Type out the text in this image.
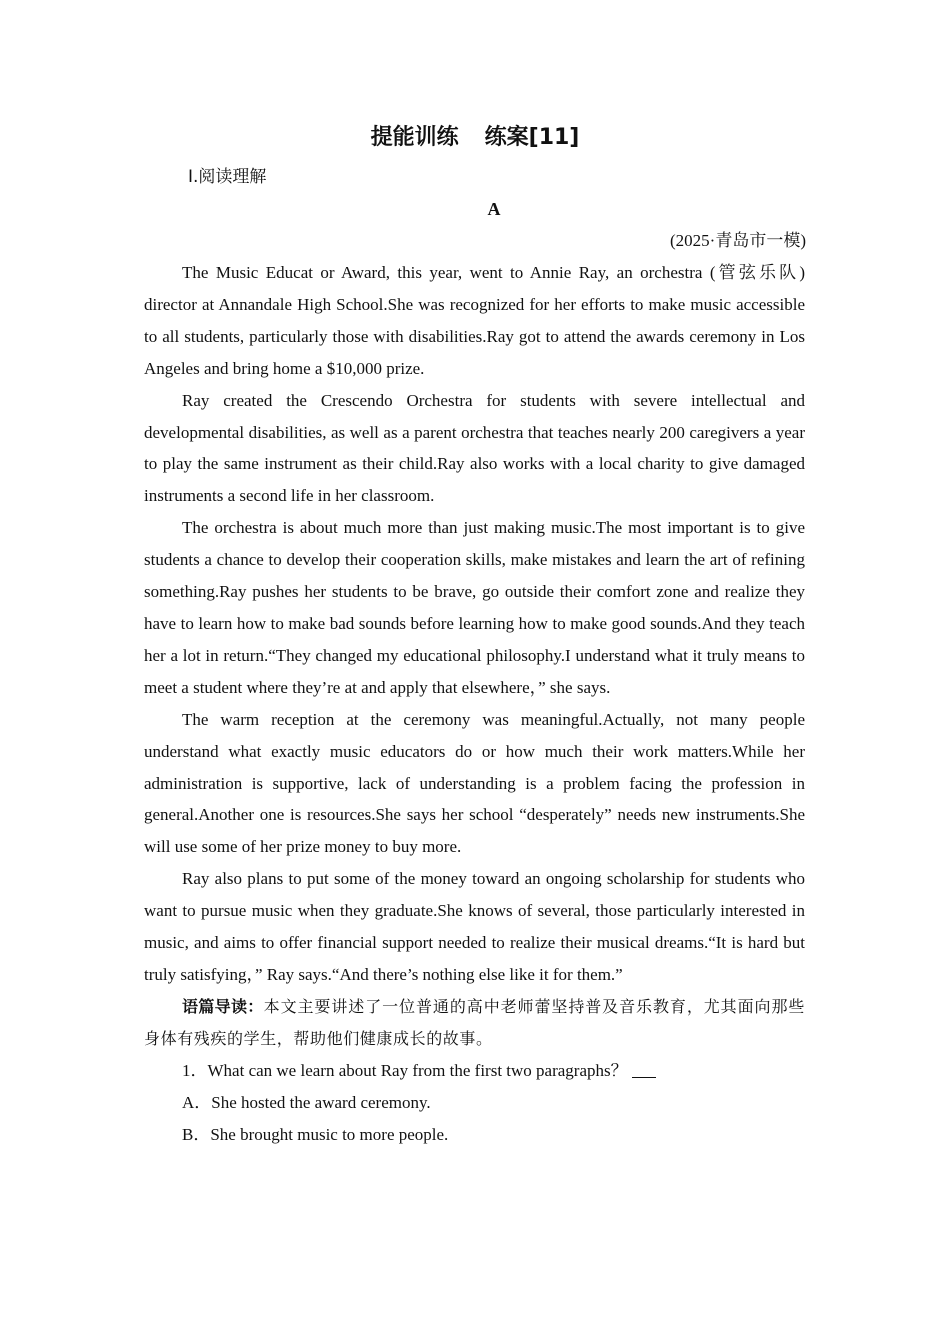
提能训练 练案[11]
Ⅰ.阅读理解
A
(2025·青岛市一模)

The Music Educat or Award, this year, went to Annie Ray, an orchestra (管弦乐队) director at Annandale High School.She was recognized for her efforts to make music accessible to all students, particularly those with disabilities.Ray got to attend the awards ceremony in Los Angeles and bring home a $10,000 prize.

Ray created the Crescendo Orchestra for students with severe intellectual and developmental disabilities, as well as a parent orchestra that teaches nearly 200 caregivers a year to play the same instrument as their child.Ray also works with a local charity to give damaged instruments a second life in her classroom.

The orchestra is about much more than just making music.The most important is to give students a chance to develop their cooperation skills, make mistakes and learn the art of refining something.Ray pushes her students to be brave, go outside their comfort zone and realize they have to learn how to make bad sounds before learning how to make good sounds.And they teach her a lot in return.“They changed my educational philosophy.I understand what it truly means to meet a student where they’re at and apply that elsewhere，” she says.

The warm reception at the ceremony was meaningful.Actually, not many people understand what exactly music educators do or how much their work matters.While her administration is supportive, lack of understanding is a problem facing the profession in general.Another one is resources.She says her school “desperately” needs new instruments.She will use some of her prize money to buy more.

Ray also plans to put some of the money toward an ongoing scholarship for students who want to pursue music when they graduate.She knows of several, those particularly interested in music, and aims to offer financial support needed to realize their musical dreams.“It is hard but truly satisfying，” Ray says.“And there’s nothing else like it for them.”

语篇导读：本文主要讲述了一位普通的高中老师蕾坚持普及音乐教育，尤其面向那些身体有残疾的学生，帮助他们健康成长的故事。

1．What can we learn about Ray from the first two paragraphs？

A．She hosted the award ceremony.

B．She brought music to more people.
